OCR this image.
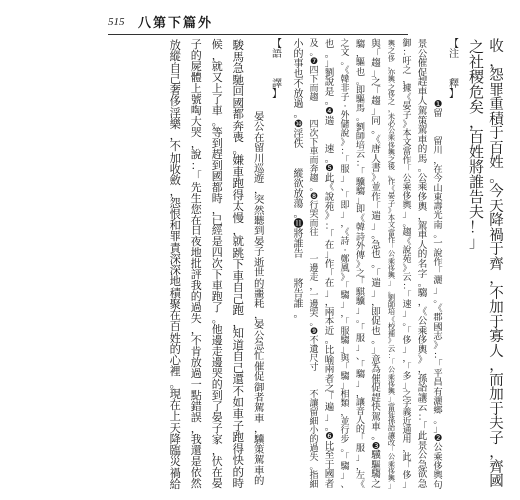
515 八第下篇外
收
，
怨
罪
重
積
于
百
姓
。
今
天
降
禍
于
齊
，
不
加
于
寡
人
，
而
加
于
夫
子
，
齊
國
之
社
稷
危
矣
，
百
姓
將
誰
告
夫
！
」
【
注
釋
】
❶
留
留
川
，
在
今
山
東
壽
光
南
。
一
說
作
「
灑
」
。
《
郡
國
志
》
：
「
平
昌
有
灑
鄉
。
」
❷
公
乘
侈
輿
句
景
公
催
促
趕
車
人
駕
策
駕
車
的
馬
。
公
乘
侈
輿
，
駕
車
人
的
名
字
。
騶
，
《
公
乘
侈
輿
》
，
孫
詒
讓
云
：
「
此
景
公
急
欲
急
御
：
吁
之
，
據
《
晏
子
》
本
文
當
作
「
公
乘
侈
輿
」
。
趨
《
說
苑
》
云
：
「
速
」
。
「
侈
」
，
「
多
」
之
字
義
近
通
用
，
此
「
侈
」
輿
之
侈
，
亦
輿
之
侈
之
，
未
必
公
乘
侈
輿
之
後
。
作
《
晏
子
》
本
文
當
作
「
公
乘
侈
輿
」
。
劉
師
培
《
校
補
》
云
：
「
公
乘
侈
輿
」
當
從
孫
詒
讓
改
「
公
乘
侈
輿
」
與
「
趨
」
之
「
趨
」
同
。
《
唐
人
書
》
並
作
「
遄
」
。
急
也
。
「
遄
」
，
即
促
也
。
」
意
為
催
促
趕
快
駕
車
。
❸
驥
驅
騶
之
騶
，
驅
也
。
即
驅
馬
。
劉
師
培
云
：
「
驥
騶
」
即
《
韓
詩
外
傳
》
之
「
騏
驥
」
。
「
服
」
、
「
騶
」
，
讓
音
人
的
「
服
」
，
左
《
之
文
。
《
韓
非
子
·
外
儲
說
》
：
「
服
」
、
「
即
」
，
《
詩
·
鄭
風
》
「
騶
」
，
「
服
騶
」
與
「
騶
」
相
類
，
並
行
步
。
「
騶
」
、
也
。
」
劉
說
是
。
❹
遄
速
。
❺
此
《
說
苑
》
：
「
在
」
作
「
在
」
，
兩
本
近
。
比
喻
兩
者
之
「
遍
」
。
❻
比
至
于
國
者
及
。
❼
四
下
而
趨
四
次
下
車
而
奔
趨
。
❽
行
哭
而
往
一
邊
走
，
一
邊
哭
。
❾
不
遺
尺
寸
不
讓
留
細
小
的
過
失
。
指
細
小
的
事
也
不
放
過
。
❿
淫
佚
縱
欲
放
蕩
。
⓫
將
誰
告
將
告
誰
。
【
語
譯
】
晏
公
在
留
川
巡
遊
，
突
然
聽
到
晏
子
逝
世
的
噩
耗
，
晏
公
急
忙
催
促
御
者
駕
車
，
驥
策
駕
車
的
駿
馬
急
馳
回
國
都
奔
喪
。
嫌
車
跑
得
太
慢
，
就
跳
下
車
自
己
跑
，
知
道
自
己
還
不
如
車
子
跑
得
快
的
時
候
，
就
又
上
了
車
。
等
到
趕
到
國
都
時
，
已
經
是
四
次
下
車
跑
了
。
他
邊
走
邊
哭
的
到
了
晏
子
家
，
伏
在
晏
子
的
屍
體
上
號
啕
大
哭
，
說
：
「
先
生
您
在
日
夜
地
批
評
我
的
過
失
，
不
肯
放
過
一
點
錯
誤
，
我
還
是
依
然
放
縱
自
己
奢
侈
淫
樂
，
不
加
收
斂
，
怨
恨
和
罪
責
深
深
地
積
聚
在
百
姓
的
心
裡
。
現
在
上
天
降
臨
災
禍
給
